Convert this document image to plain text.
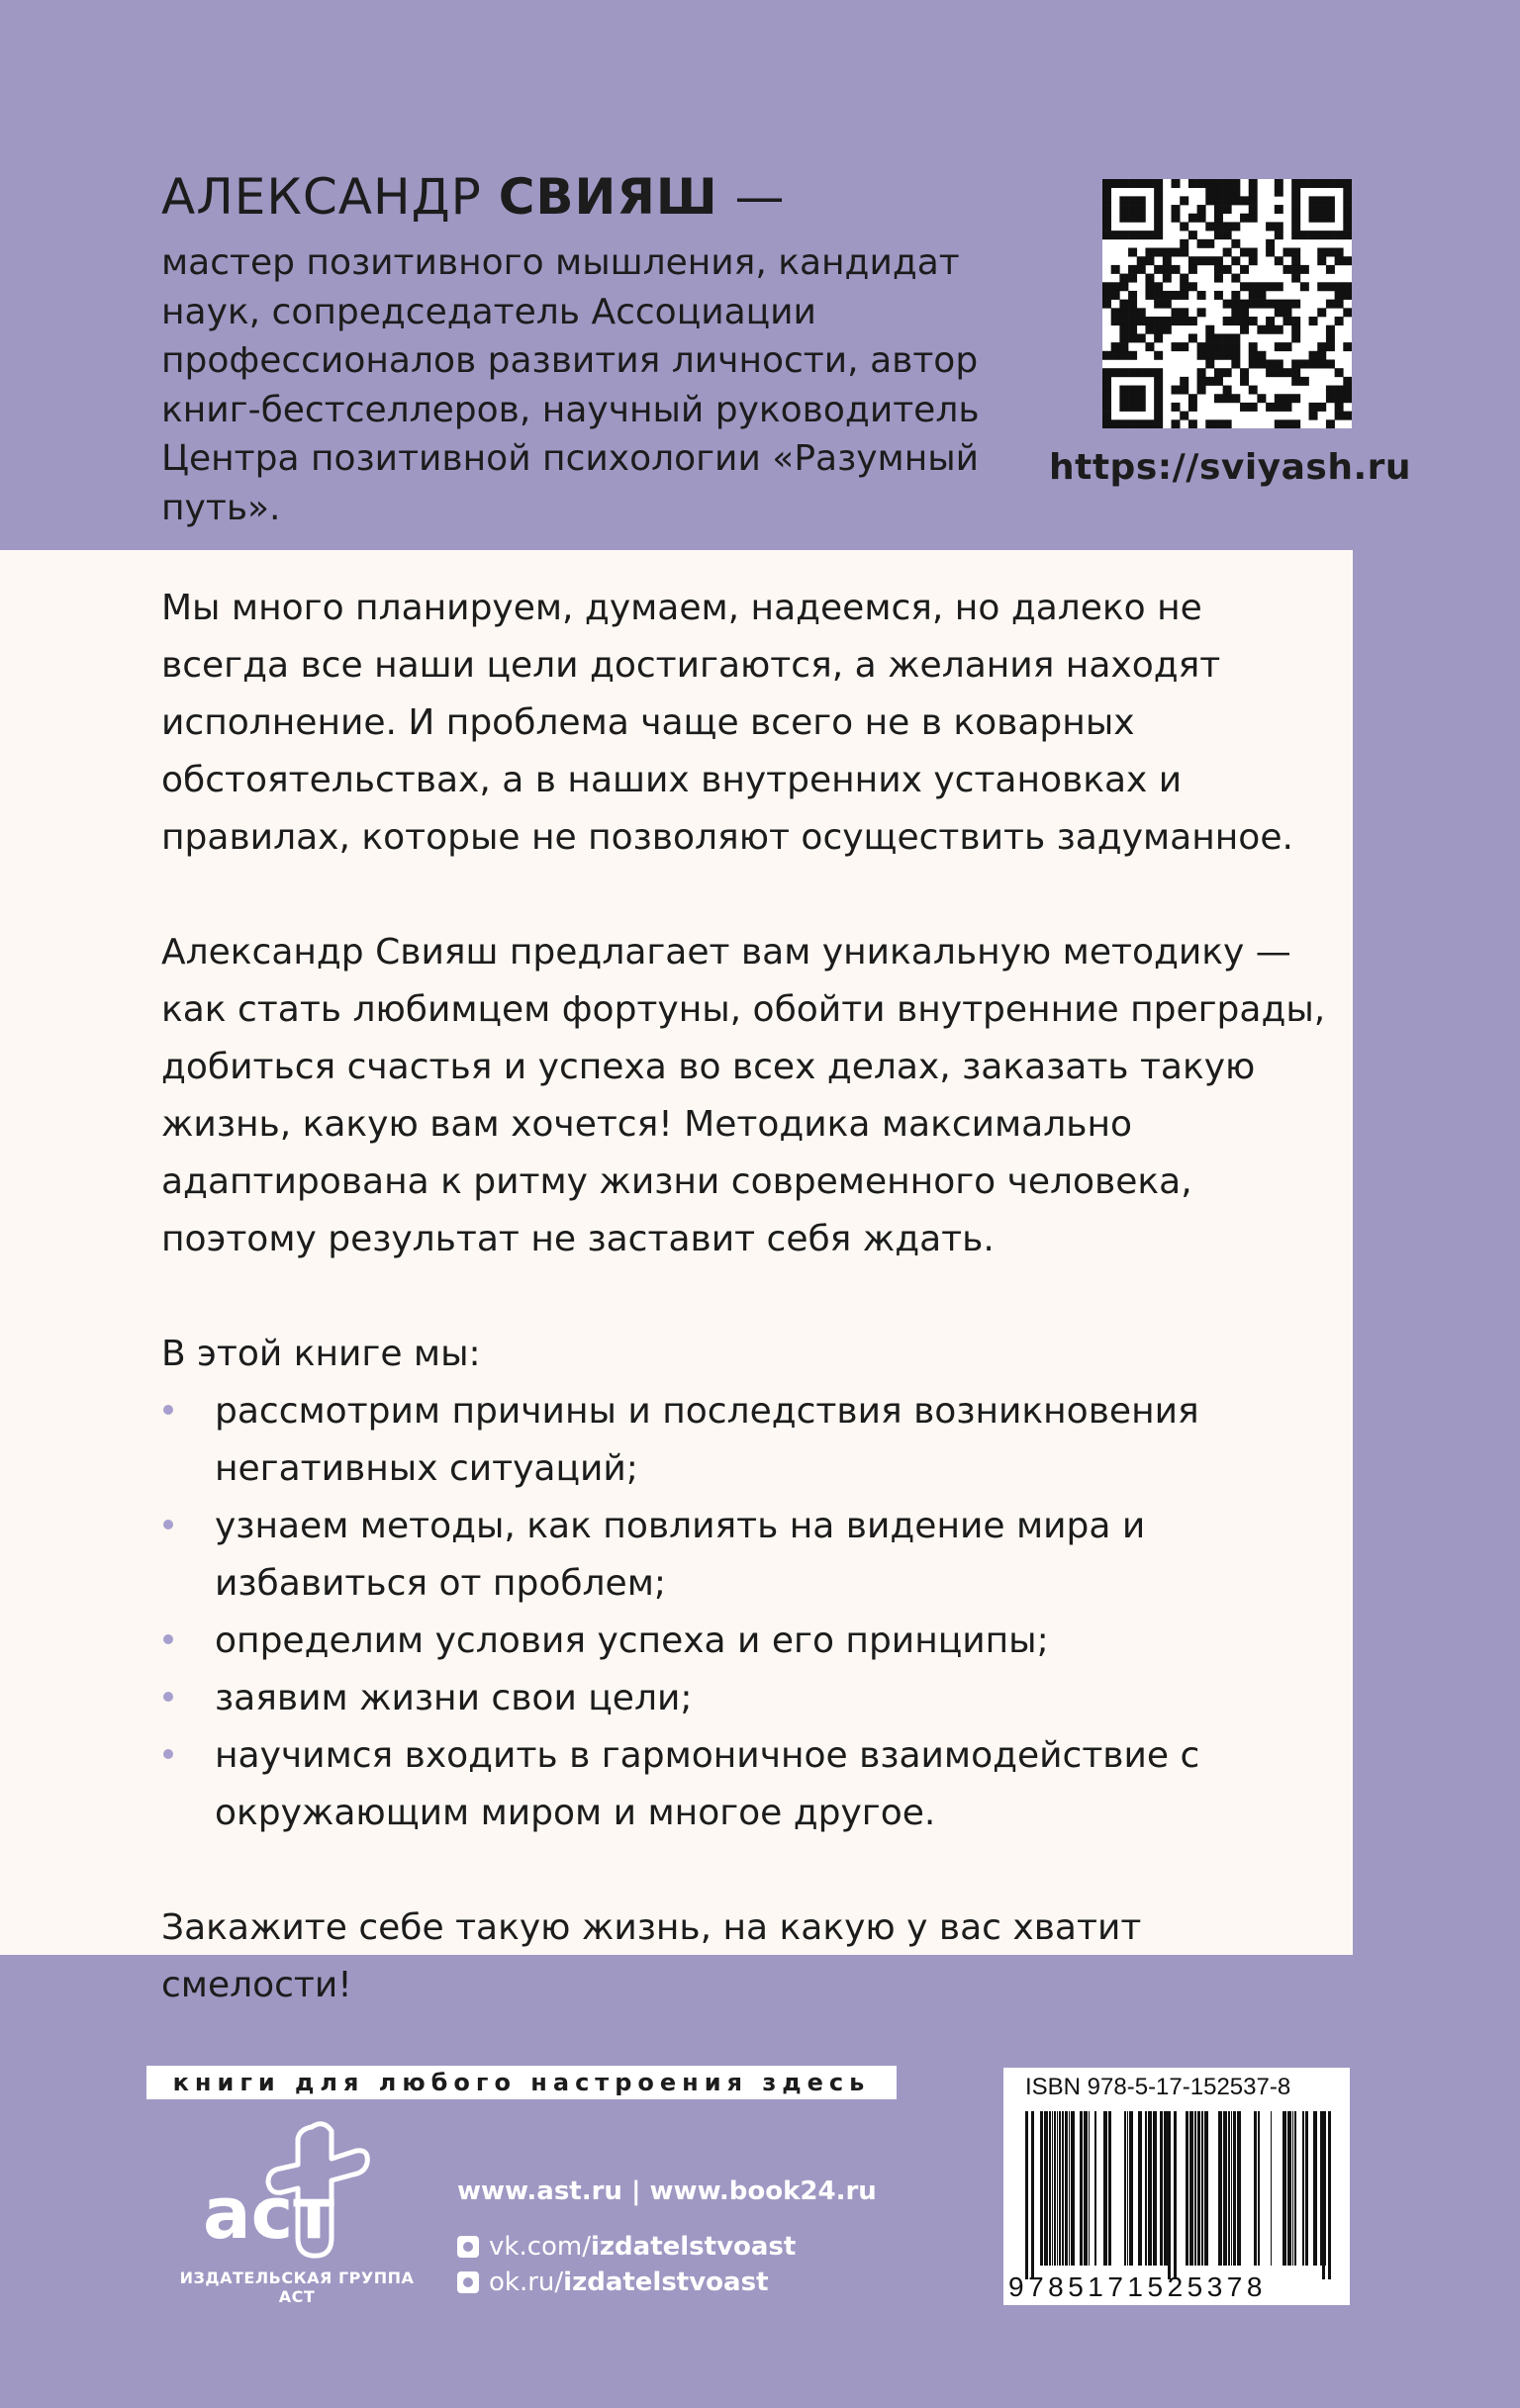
АЛЕКСАНДР СВИЯШ —

мастер позитивного мышления, кандидат наук, сопредседатель Ассоциации профессионалов развития личности, автор книг-бестселлеров, научный руководитель Центра позитивной психологии «Разумный путь».

https://sviyash.ru

Мы много планируем, думаем, надеемся, но далеко не всегда все наши цели достигаются, а желания находят исполнение. И проблема чаще всего не в коварных обстоятельствах, а в наших внутренних установках и правилах, которые не позволяют осуществить задуманное.

Александр Свияш предлагает вам уникальную методику — как стать любимцем фортуны, обойти внутренние преграды, добиться счастья и успеха во всех делах, заказать такую жизнь, какую вам хочется! Методика максимально адаптирована к ритму жизни современного человека, поэтому результат не заставит себя ждать.

В этой книге мы:

рассмотрим причины и последствия возникновения негативных ситуаций;
узнаем методы, как повлиять на видение мира и избавиться от проблем;
определим условия успеха и его принципы;
заявим жизни свои цели;
научимся входить в гармоничное взаимодействие с окружающим миром и многое другое.

Закажите себе такую жизнь, на какую у вас хватит смелости!

книги для любого настроения здесь
аст
ИЗДАТЕЛЬСКАЯ ГРУППА АСТ
www.ast.ru | www.book24.ru
vk.com/ izdatelstvoast
ok.ru/ izdatelstvoast
ISBN 978-5-17-152537-8
9785171525378
